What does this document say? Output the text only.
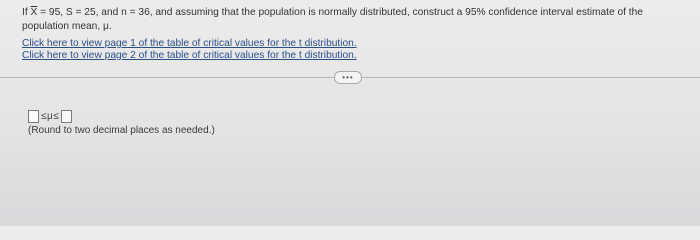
If $\overline{X} = 95$, S = 25, and n = 36, and assuming that the population is normally distributed, construct a 95% confidence interval estimate of the population mean, μ.
Click here to view page 1 of the table of critical values for the t distribution.
Click here to view page 2 of the table of critical values for the t distribution.
•••
≤μ≤
(Round to two decimal places as needed.)
